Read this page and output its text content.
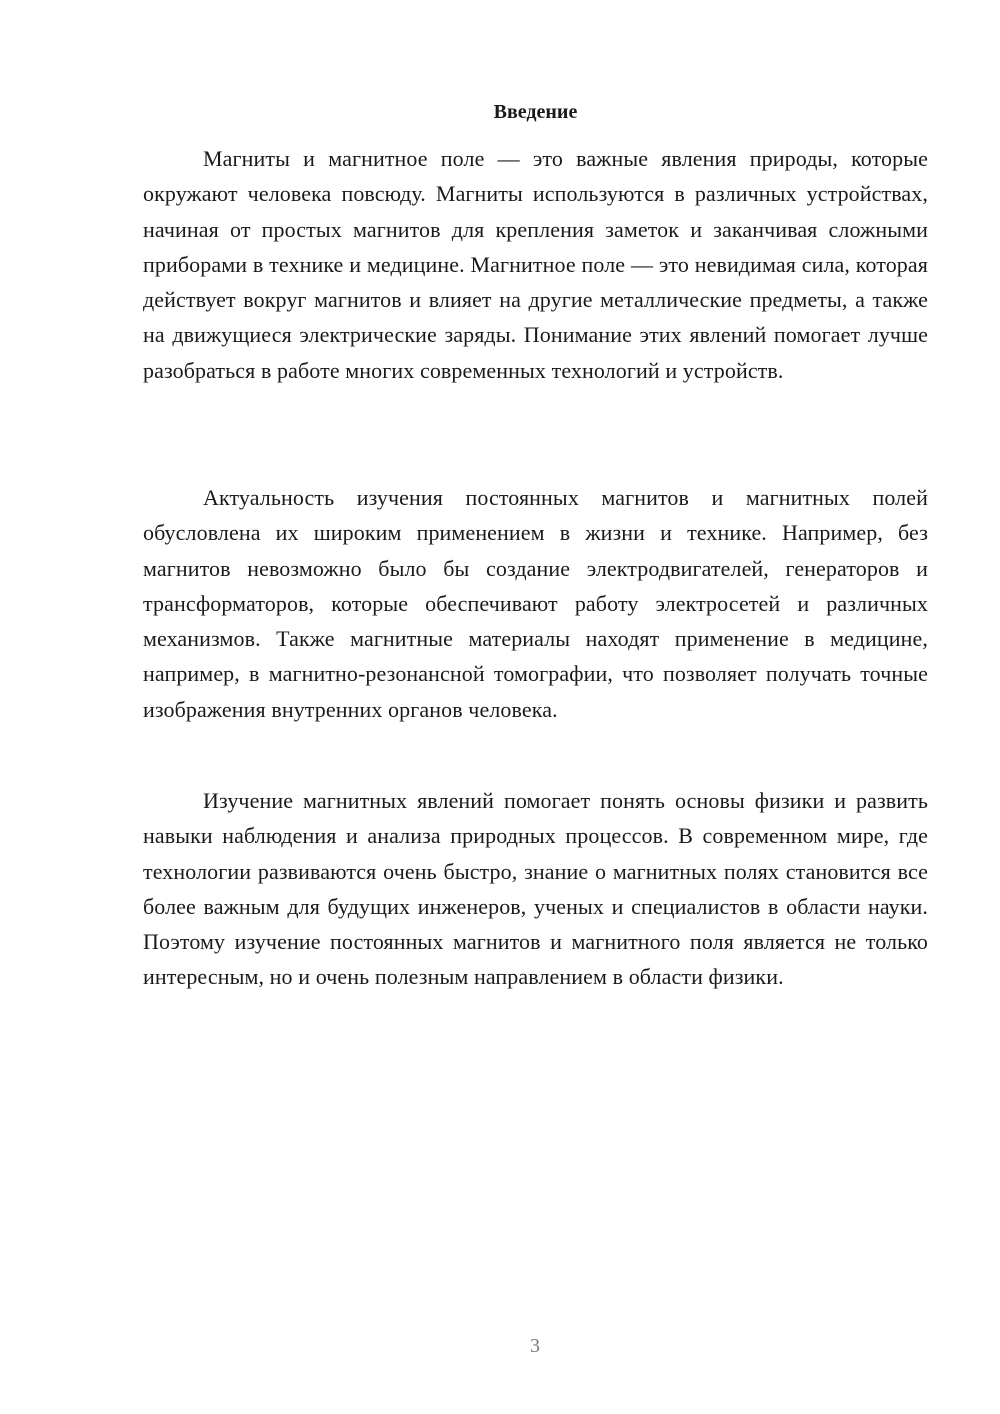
Введение

Магниты и магнитное поле — это важные явления природы, которые окружают человека повсюду. Магниты используются в различных устройствах, начиная от простых магнитов для крепления заметок и заканчивая сложными приборами в технике и медицине. Магнитное поле — это невидимая сила, которая действует вокруг магнитов и влияет на другие металлические предметы, а также на движущиеся электрические заряды. Понимание этих явлений помогает лучше разобраться в работе многих современных технологий и устройств.

Актуальность изучения постоянных магнитов и магнитных полей обусловлена их широким применением в жизни и технике. Например, без магнитов невозможно было бы создание электродвигателей, генераторов и трансформаторов, которые обеспечивают работу электросетей и различных механизмов. Также магнитные материалы находят применение в медицине, например, в магнитно-резонансной томографии, что позволяет получать точные изображения внутренних органов человека.

Изучение магнитных явлений помогает понять основы физики и развить навыки наблюдения и анализа природных процессов. В современном мире, где технологии развиваются очень быстро, знание о магнитных полях становится все более важным для будущих инженеров, ученых и специалистов в области науки. Поэтому изучение постоянных магнитов и магнитного поля является не только интересным, но и очень полезным направлением в области физики.

3
